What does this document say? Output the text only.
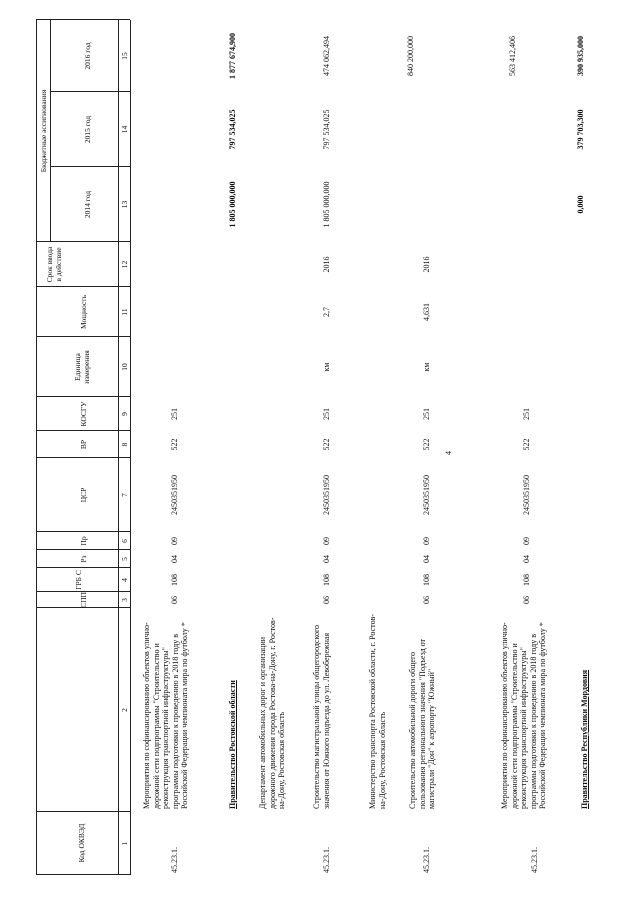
Код ОКВЭД
СПП
ГРБ С
Рз
Пр
ЦСР
ВР
КОСГУ
Единица измерения
Мощность
Срок ввода в действие
Бюджетные ассигнования
2014 год
2015 год
2016 год
1
2
3
4
5
6
7
8
9
10
11
12
13
14
15
45.23.1.
Мероприятия по софинансированию объектов улично-дорожной сети подпрограммы "Строительство и реконструкция транспортной инфраструктуры" программы подготовки к проведению в 2018 году в Российской Федерации чемпионата мира по футболу *
06
108
04
09
2450351950
522
251
Правительство Ростовской области
1 805 000,000
797 534,025
1 877 674,900
Департамент автомобильных дорог и организации дорожного движения города Ростова-на-Дону, г. Ростов-на-Дону, Ростовская область
45.23.1.
Строительство магистральной улицы общегородского значения от Южного подъезда до ул. Левобережная
06
108
04
09
2450351950
522
251
км
2,7
2016
1 805 000,000
797 534,025
474 062,494
Министерство транспорта Ростовской области, г. Ростов-на-Дону, Ростовская область
45.23.1.
Строительство автомобильной дороги общего пользования регионального значения "Подъезд от магистрали "Дон" к аэропорту "Южный"
06
108
04
09
2450351950
522
251
км
4,631
2016
840 200,000
45.23.1.
Мероприятия по софинансированию объектов улично-дорожной сети подпрограммы "Строительство и реконструкция транспортной инфраструктуры" программы подготовки к проведению в 2018 году в Российской Федерации чемпионата мира по футболу *
06
108
04
09
2450351950
522
251
563 412,406
Правительство Республики Мордовия
0,000
379 703,300
390 935,000
4
